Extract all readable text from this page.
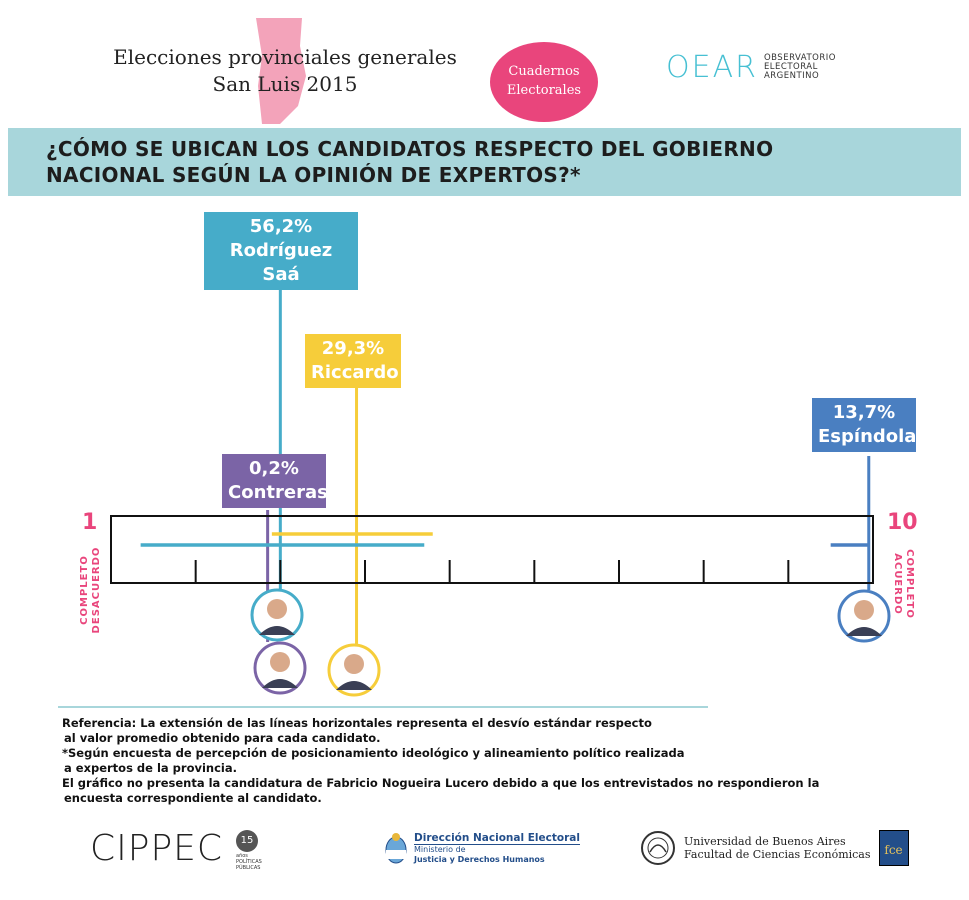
Elecciones provinciales generales
San Luis 2015
Cuadernos
Electorales
OEAR OBSERVATORIO
ELECTORAL
ARGENTINO
¿CÓMO SE UBICAN LOS CANDIDATOS RESPECTO DEL GOBIERNO
NACIONAL SEGÚN LA OPINIÓN DE EXPERTOS?*
56,2%
Rodríguez Saá
29,3%
Riccardo
13,7%
Espíndola
0,2%
Contreras
1	10
COMPLETO DESACUERDO	COMPLETO
ACUERDO

Referencia: La extensión de las líneas horizontales representa el desvío estándar respecto

al valor promedio obtenido para cada candidato.

*Según encuesta de percepción de posicionamiento ideológico y alineamiento político realizada

a expertos de la provincia.

El gráfico no presenta la candidatura de Fabricio Nogueira Lucero debido a que los entrevistados no respondieron la

encuesta correspondiente al candidato.

CIPPEC	15
años
POLÍTICAS
PÚBLICAS
Dirección Nacional Electoral
Ministerio de
Justicia y Derechos Humanos
Universidad de Buenos Aires
Facultad de Ciencias Económicas	fce
